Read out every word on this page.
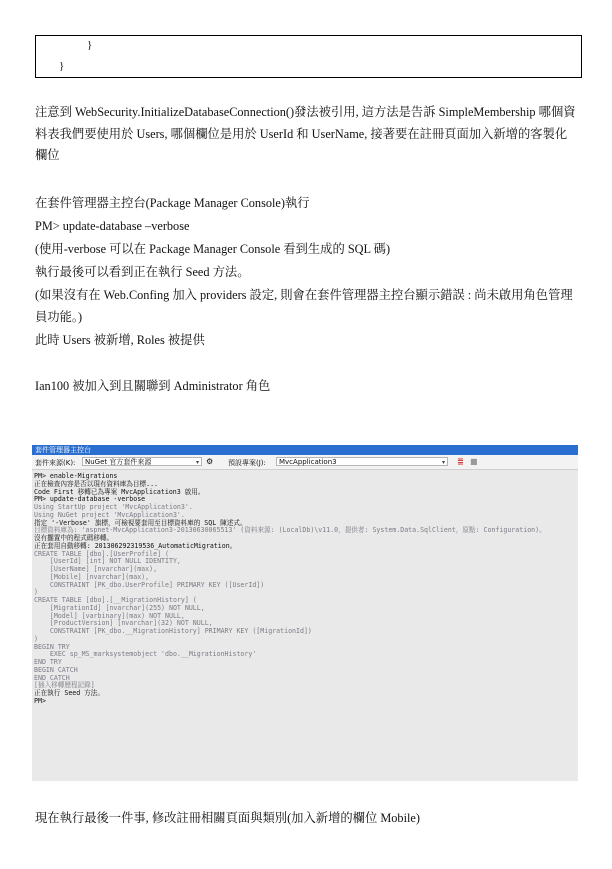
}
}

注意到 WebSecurity.InitializeDatabaseConnection()發法被引用, 這方法是告訴 SimpleMembership 哪個資料表我們要使用於 Users, 哪個欄位是用於 UserId 和 UserName, 接著要在註冊頁面加入新增的客製化欄位

在套件管理器主控台(Package Manager Console)執行

PM> update-database –verbose

(使用-verbose 可以在 Package Manager Console 看到生成的 SQL 碼)

執行最後可以看到正在執行 Seed 方法。

(如果沒有在 Web.Confing 加入 providers 設定, 則會在套件管理器主控台顯示錯誤 : 尚未啟用角色管理員功能。)

此時 Users 被新增, Roles 被提供

Ian100 被加入到且關聯到 Administrator 角色

套件管理器主控台
套件來源(K):	NuGet 官方套件來源	▾ ⚙ 預設專案(J):	MvcApplication3	▾ ≣ ■
PM> enable-Migrations
正在檢查內容是否以現有資料庫為目標...
Code First 移轉已為專案 MvcApplication3 啟用。
PM> update-database -verbose
Using StartUp project 'MvcApplication3'.
Using NuGet project 'MvcApplication3'.
指定 '-Verbose' 旗標，可檢視要套用至目標資料庫的 SQL 陳述式。
目標資料庫為: 'aspnet-MvcApplication3-20130630065513' (資料來源: (LocalDb)\v11.0，提供者: System.Data.SqlClient，原點: Configuration)。
沒有擱置中的程式碼移轉。
正在套用自動移轉: 201306292319536_AutomaticMigration。
CREATE TABLE [dbo].[UserProfile] (
[UserId] [int] NOT NULL IDENTITY,
[UserName] [nvarchar](max),
[Mobile] [nvarchar](max),
CONSTRAINT [PK_dbo.UserProfile] PRIMARY KEY ([UserId])
)
CREATE TABLE [dbo].[__MigrationHistory] (
[MigrationId] [nvarchar](255) NOT NULL,
[Model] [varbinary](max) NOT NULL,
[ProductVersion] [nvarchar](32) NOT NULL,
CONSTRAINT [PK_dbo.__MigrationHistory] PRIMARY KEY ([MigrationId])
)
BEGIN TRY
EXEC sp_MS_marksystemobject 'dbo.__MigrationHistory'
END TRY
BEGIN CATCH
END CATCH
[插入移轉歷程記錄]
正在執行 Seed 方法。
PM>

現在執行最後一件事, 修改註冊相關頁面與類別(加入新增的欄位 Mobile)
